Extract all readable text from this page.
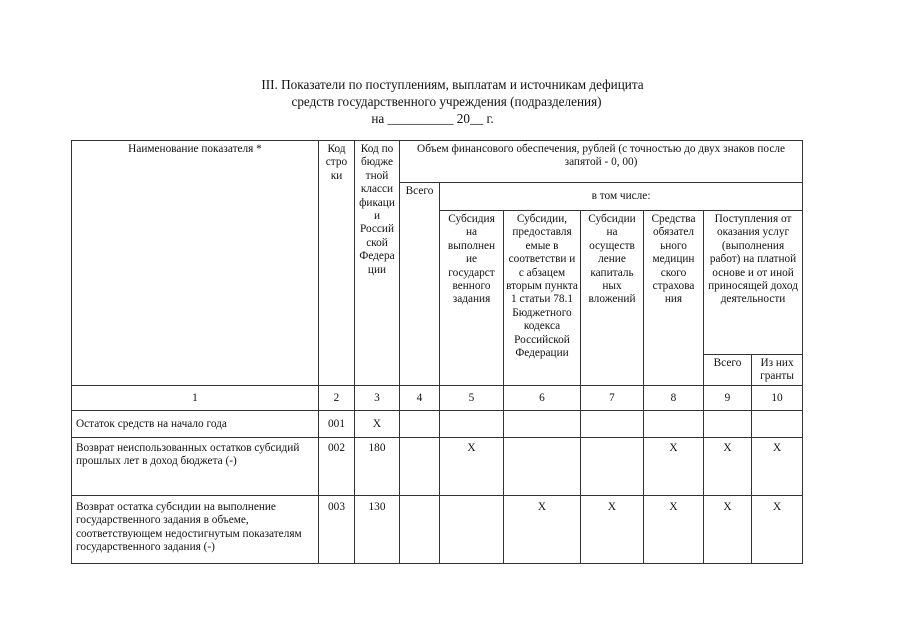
III. Показатели по поступлениям, выплатам и источникам дефицита
средств государственного учреждения (подразделения)
на __________ 20__ г.
Наименование показателя *	Код стро ки	Код по бюдже тной класси фикаци и Россий ской Федера ции	Объем финансового обеспечения, рублей (с точностью до двух знаков после запятой - 0, 00)						
			Всего	в том числе:					
				Субсидия на выполнен ие государст венного задания	Субсидии, предоставля емые в соответстви и с абзацем вторым пункта 1 статьи 78.1 Бюджетного кодекса Российской Федерации	Субсидии на осуществ ление капиталь ных вложений	Средства обязател ьного медицин ского страхова ния	Поступления от оказания услуг (выполнения работ) на платной основе и от иной приносящей доход деятельности	
								Всего	Из них гранты

1	2	3	4	5	6	7	8	9	10
Остаток средств на начало года	001	X							
Возврат неиспользованных остатков субсидий прошлых лет в доход бюджета (-)	002	180		X			X	X	X
Возврат остатка субсидии на выполнение государственного задания в объеме, соответствующем недостигнутым показателям государственного задания (-)	003	130			X	X	X	X	X
